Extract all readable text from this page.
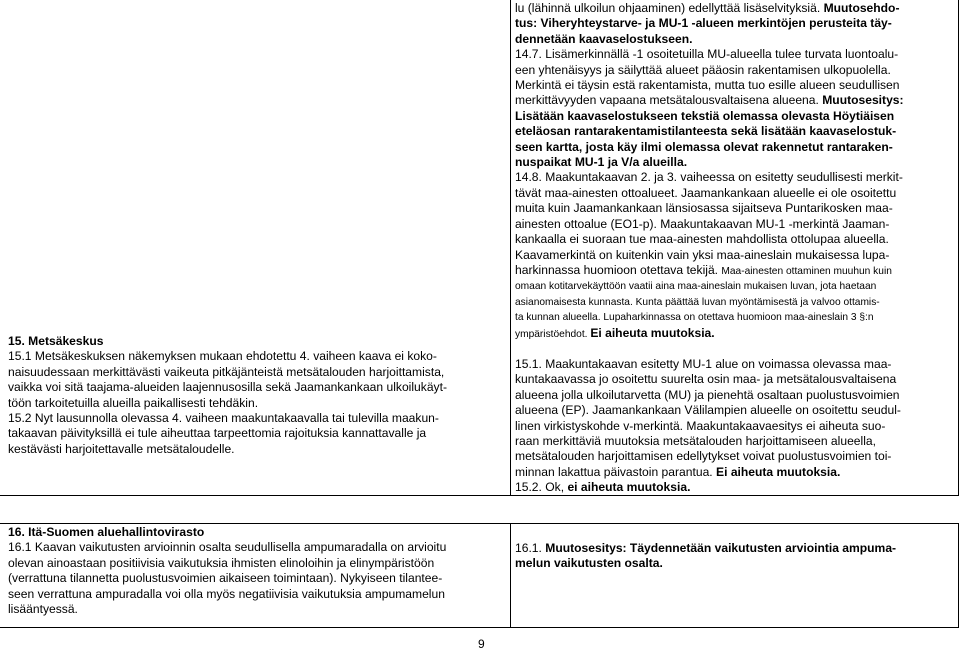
15. Metsäkeskus

15.1 Metsäkeskuksen näkemyksen mukaan ehdotettu 4. vaiheen kaava ei koko-

naisuudessaan merkittävästi vaikeuta pitkäjänteistä metsätalouden harjoittamista,

vaikka voi sitä taajama-alueiden laajennusosilla sekä Jaamankankaan ulkoilukäyt-

töön tarkoitetuilla alueilla paikallisesti tehdäkin.

15.2 Nyt lausunnolla olevassa 4. vaiheen maakuntakaavalla tai tulevilla maakun-

takaavan päivityksillä ei tule aiheuttaa tarpeettomia rajoituksia kannattavalle ja

kestävästi harjoitettavalle metsätaloudelle.

lu (lähinnä ulkoilun ohjaaminen) edellyttää lisäselvityksiä. Muutosehdo-

tus: Viheryhteystarve- ja MU-1 -alueen merkintöjen perusteita täy-

dennetään kaavaselostukseen.

14.7. Lisämerkinnällä -1 osoitetuilla MU-alueella tulee turvata luontoalu-

een yhtenäisyys ja säilyttää alueet pääosin rakentamisen ulkopuolella.

Merkintä ei täysin estä rakentamista, mutta tuo esille alueen seudullisen

merkittävyyden vapaana metsätalousvaltaisena alueena. Muutosesitys:

Lisätään kaavaselostukseen tekstiä olemassa olevasta Höytiäisen

eteläosan rantarakentamistilanteesta sekä lisätään kaavaselostuk-

seen kartta, josta käy ilmi olemassa olevat rakennetut rantaraken-

nuspaikat MU-1 ja V/a alueilla.

14.8. Maakuntakaavan 2. ja 3. vaiheessa on esitetty seudullisesti merkit-

tävät maa-ainesten ottoalueet. Jaamankankaan alueelle ei ole osoitettu

muita kuin Jaamankankaan länsiosassa sijaitseva Puntarikosken maa-

ainesten ottoalue (EO1-p). Maakuntakaavan MU-1 -merkintä Jaaman-

kankaalla ei suoraan tue maa-ainesten mahdollista ottolupaa alueella.

Kaavamerkintä on kuitenkin vain yksi maa-aineslain mukaisessa lupa-

harkinnassa huomioon otettava tekijä. Maa-ainesten ottaminen muuhun kuin

omaan kotitarvekäyttöön vaatii aina maa-aineslain mukaisen luvan, jota haetaan

asianomaisesta kunnasta. Kunta päättää luvan myöntämisestä ja valvoo ottamis-

ta kunnan alueella. Lupaharkinnassa on otettava huomioon maa-aineslain 3 §:n

ympäristöehdot. Ei aiheuta muutoksia.

15.1. Maakuntakaavan esitetty MU-1 alue on voimassa olevassa maa-

kuntakaavassa jo osoitettu suurelta osin maa- ja metsätalousvaltaisena

alueena jolla ulkoilutarvetta (MU) ja pienehtä osaltaan puolustusvoimien

alueena (EP). Jaamankankaan Välilampien alueelle on osoitettu seudul-

linen virkistyskohde v-merkintä. Maakuntakaavaesitys ei aiheuta suo-

raan merkittäviä muutoksia metsätalouden harjoittamiseen alueella,

metsätalouden harjoittamisen edellytykset voivat puolustusvoimien toi-

minnan lakattua päivastoin parantua. Ei aiheuta muutoksia.

15.2. Ok, ei aiheuta muutoksia.

16. Itä-Suomen aluehallintovirasto

16.1 Kaavan vaikutusten arvioinnin osalta seudullisella ampumaradalla on arvioitu

olevan ainoastaan positiivisia vaikutuksia ihmisten elinoloihin ja elinympäristöön

(verrattuna tilannetta puolustusvoimien aikaiseen toimintaan). Nykyiseen tilantee-

seen verrattuna ampuradalla voi olla myös negatiivisia vaikutuksia ampumamelun

lisääntyessä.

16.1. Muutosesitys: Täydennetään vaikutusten arviointia ampuma-

melun vaikutusten osalta.

9
